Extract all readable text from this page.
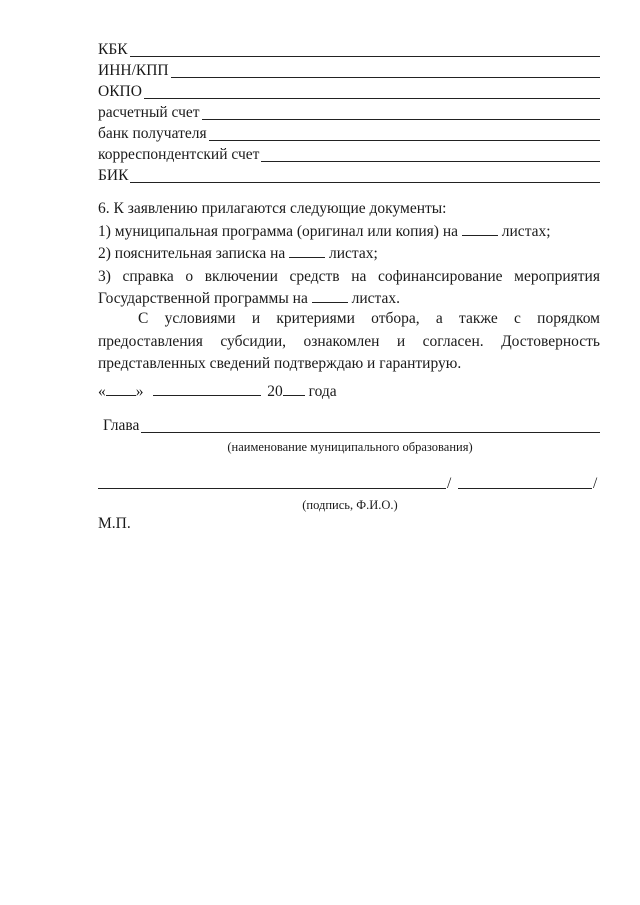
КБК
ИНН/КПП
ОКПО
расчетный счет
банк получателя
корреспондентский счет
БИК
6. К заявлению прилагаются следующие документы:
1) муниципальная программа (оригинал или копия) на	листах;
2) пояснительная записка на	листах;
3) справка о включении средств на софинансирование мероприятия Государственной программы на	листах.
С условиями и критериями отбора, а также с порядком предоставления субсидии, ознакомлен и согласен. Достоверность представленных сведений подтверждаю и гарантирую.
« »	20 года
Глава
(наименование муниципального образования)
/	/
(подпись, Ф.И.О.)
М.П.
